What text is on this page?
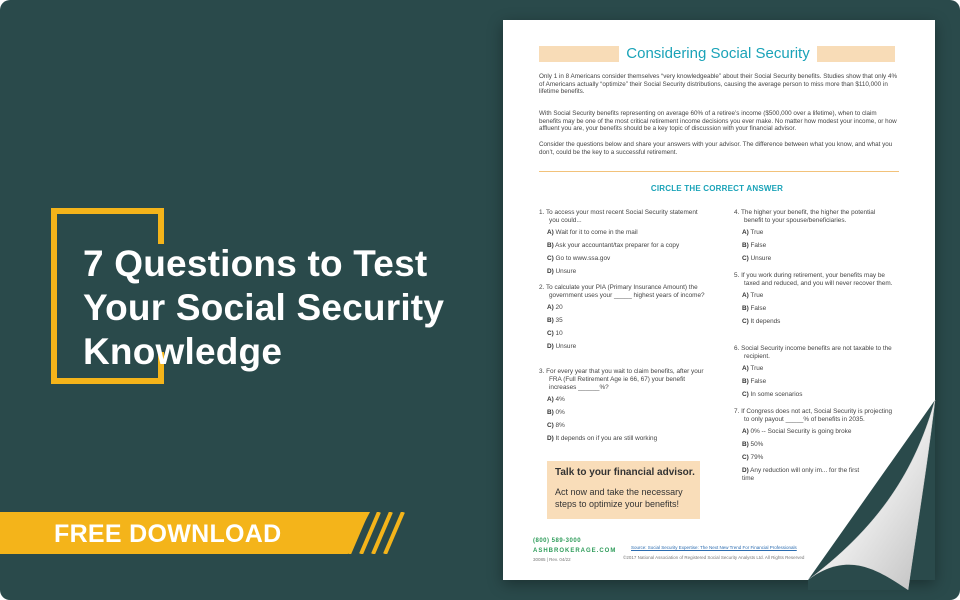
7 Questions to Test
Your Social Security
Knowledge
FREE DOWNLOAD
Considering Social Security
Only 1 in 8 Americans consider themselves “very knowledgeable” about their Social Security benefits. Studies show that only 4% of Americans actually “optimize” their Social Security distributions, causing the average person to miss more than $110,000 in lifetime benefits.
With Social Security benefits representing on average 60% of a retiree’s income ($500,000 over a lifetime), when to claim benefits may be one of the most critical retirement income decisions you ever make. No matter how modest your income, or how affluent you are, your benefits should be a key topic of discussion with your financial advisor.
Consider the questions below and share your answers with your advisor. The difference between what you know, and what you don’t, could be the key to a successful retirement.
CIRCLE THE CORRECT ANSWER
1. To access your most recent Social Security statement you could...
A) Wait for it to come in the mail
B) Ask your accountant/tax preparer for a copy
C) Go to www.ssa.gov
D) Unsure
2. To calculate your PIA (Primary Insurance Amount) the government uses your _____ highest years of income?
A) 20
B) 35
C) 10
D) Unsure
3. For every year that you wait to claim benefits, after your FRA (Full Retirement Age ie 66, 67) your benefit increases ______%?
A) 4%
B) 0%
C) 8%
D) It depends on if you are still working
4. The higher your benefit, the higher the potential benefit to your spouse/beneficiaries.
A) True
B) False
C) Unsure
5. If you work during retirement, your benefits may be taxed and reduced, and you will never recover them.
A) True
B) False
C) It depends
6. Social Security income benefits are not taxable to the recipient.
A) True
B) False
C) In some scenarios
7. If Congress does not act, Social Security is projecting to only payout _____% of benefits in 2035.
A) 0% -- Social Security is going broke
B) 50%
C) 79%
D) Any reduction will only im... for the first time
Talk to your financial advisor.
Act now and take the necessary steps to optimize your benefits!
(800) 589-3000
ASHBROKERAGE.COM
30085 | Rev. 04/22
Source: Social Security Expertise: The Next New Trend For Financial Professionals
©2017 National Association of Registered Social Security Analysts Ltd. All Rights Reserved
